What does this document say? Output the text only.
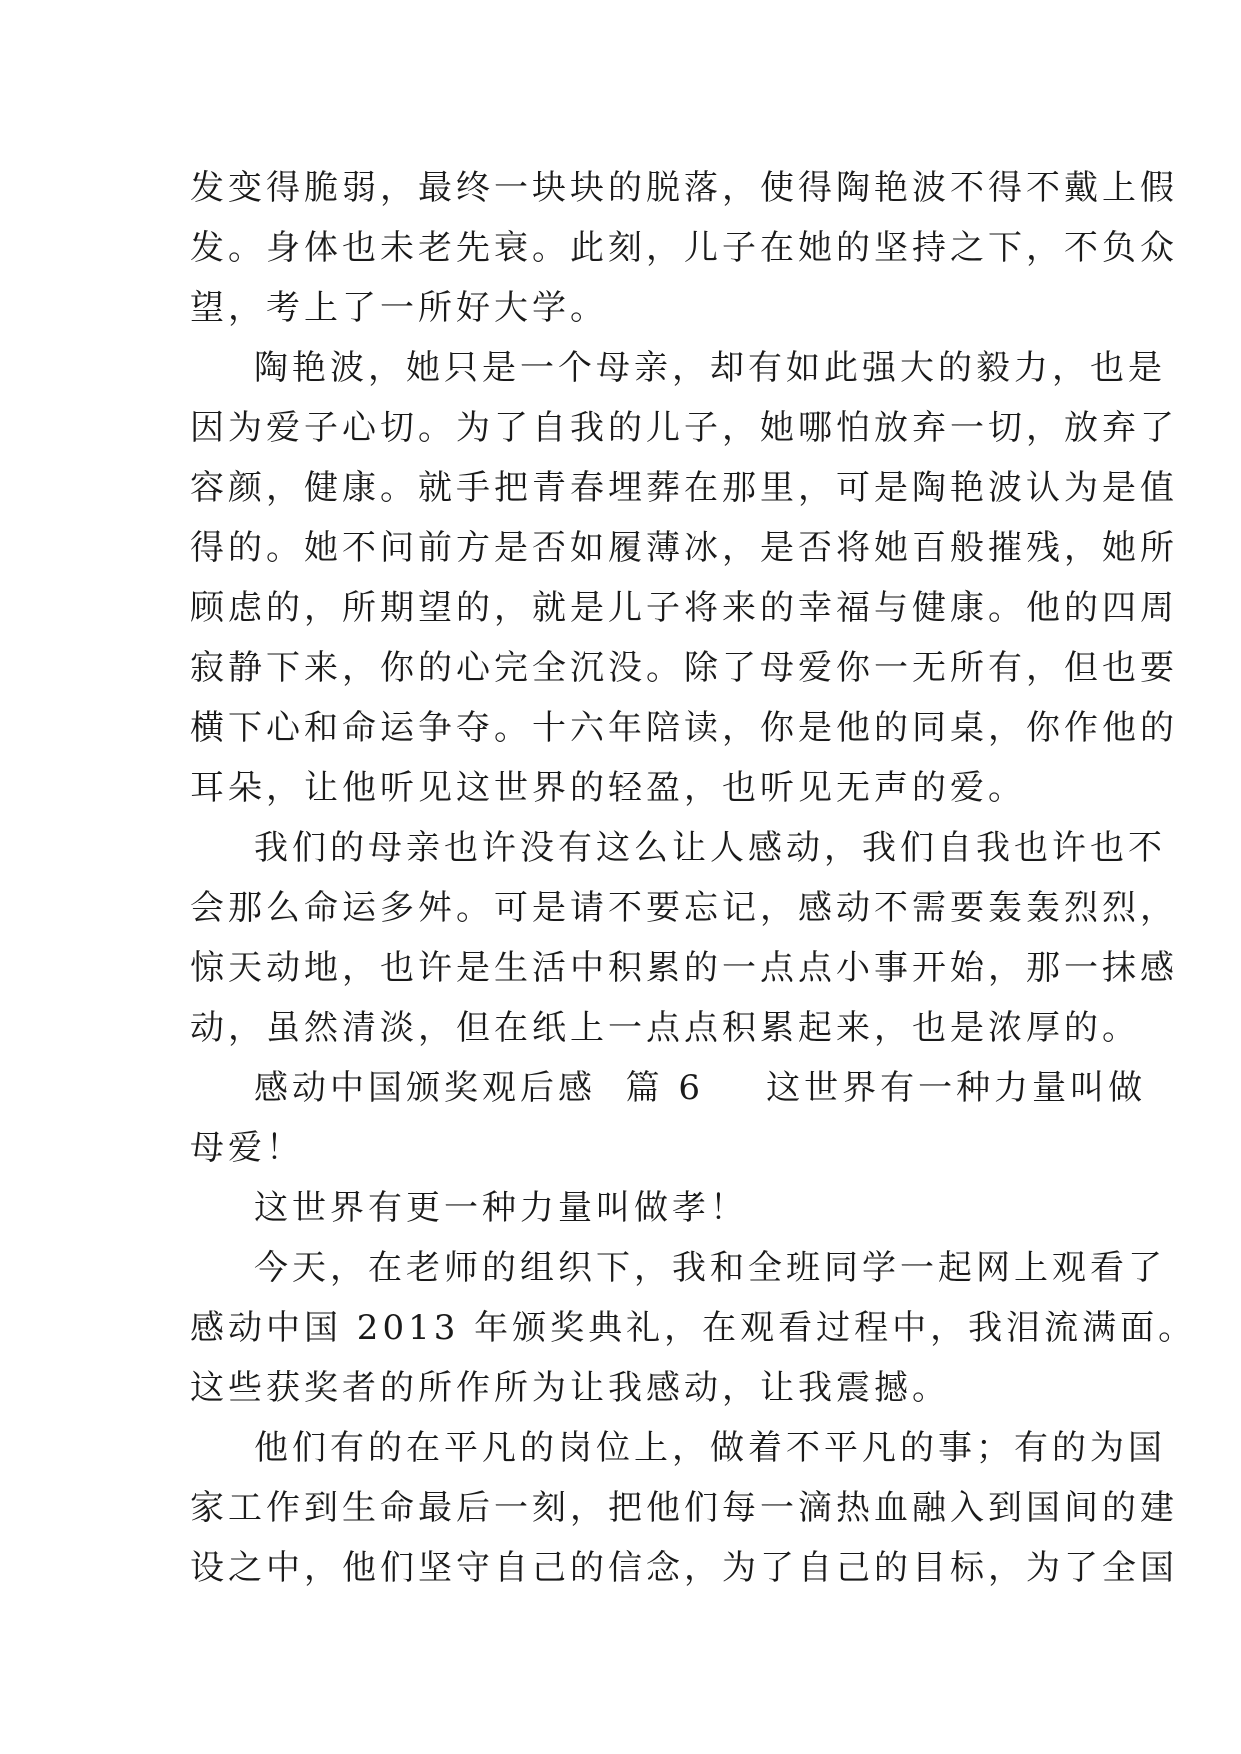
发变得脆弱，最终一块块的脱落，使得陶艳波不得不戴上假
发。身体也未老先衰。此刻，儿子在她的坚持之下，不负众
望，考上了一所好大学。
陶艳波，她只是一个母亲，却有如此强大的毅力，也是
因为爱子心切。为了自我的儿子，她哪怕放弃一切，放弃了
容颜，健康。就手把青春埋葬在那里，可是陶艳波认为是值
得的。她不问前方是否如履薄冰，是否将她百般摧残，她所
顾虑的，所期望的，就是儿子将来的幸福与健康。他的四周
寂静下来，你的心完全沉没。除了母爱你一无所有，但也要
横下心和命运争夺。十六年陪读，你是他的同桌，你作他的
耳朵，让他听见这世界的轻盈，也听见无声的爱。
我们的母亲也许没有这么让人感动，我们自我也许也不
会那么命运多舛。可是请不要忘记，感动不需要轰轰烈烈，
惊天动地，也许是生活中积累的一点点小事开始，那一抹感
动，虽然清淡，但在纸上一点点积累起来，也是浓厚的。
感动中国颁奖观后感 篇 6 这世界有一种力量叫做
母爱！
这世界有更一种力量叫做孝！
今天，在老师的组织下，我和全班同学一起网上观看了
感动中国 2013 年颁奖典礼，在观看过程中，我泪流满面。
这些获奖者的所作所为让我感动，让我震撼。
他们有的在平凡的岗位上，做着不平凡的事；有的为国
家工作到生命最后一刻，把他们每一滴热血融入到国间的建
设之中，他们坚守自己的信念，为了自己的目标，为了全国
